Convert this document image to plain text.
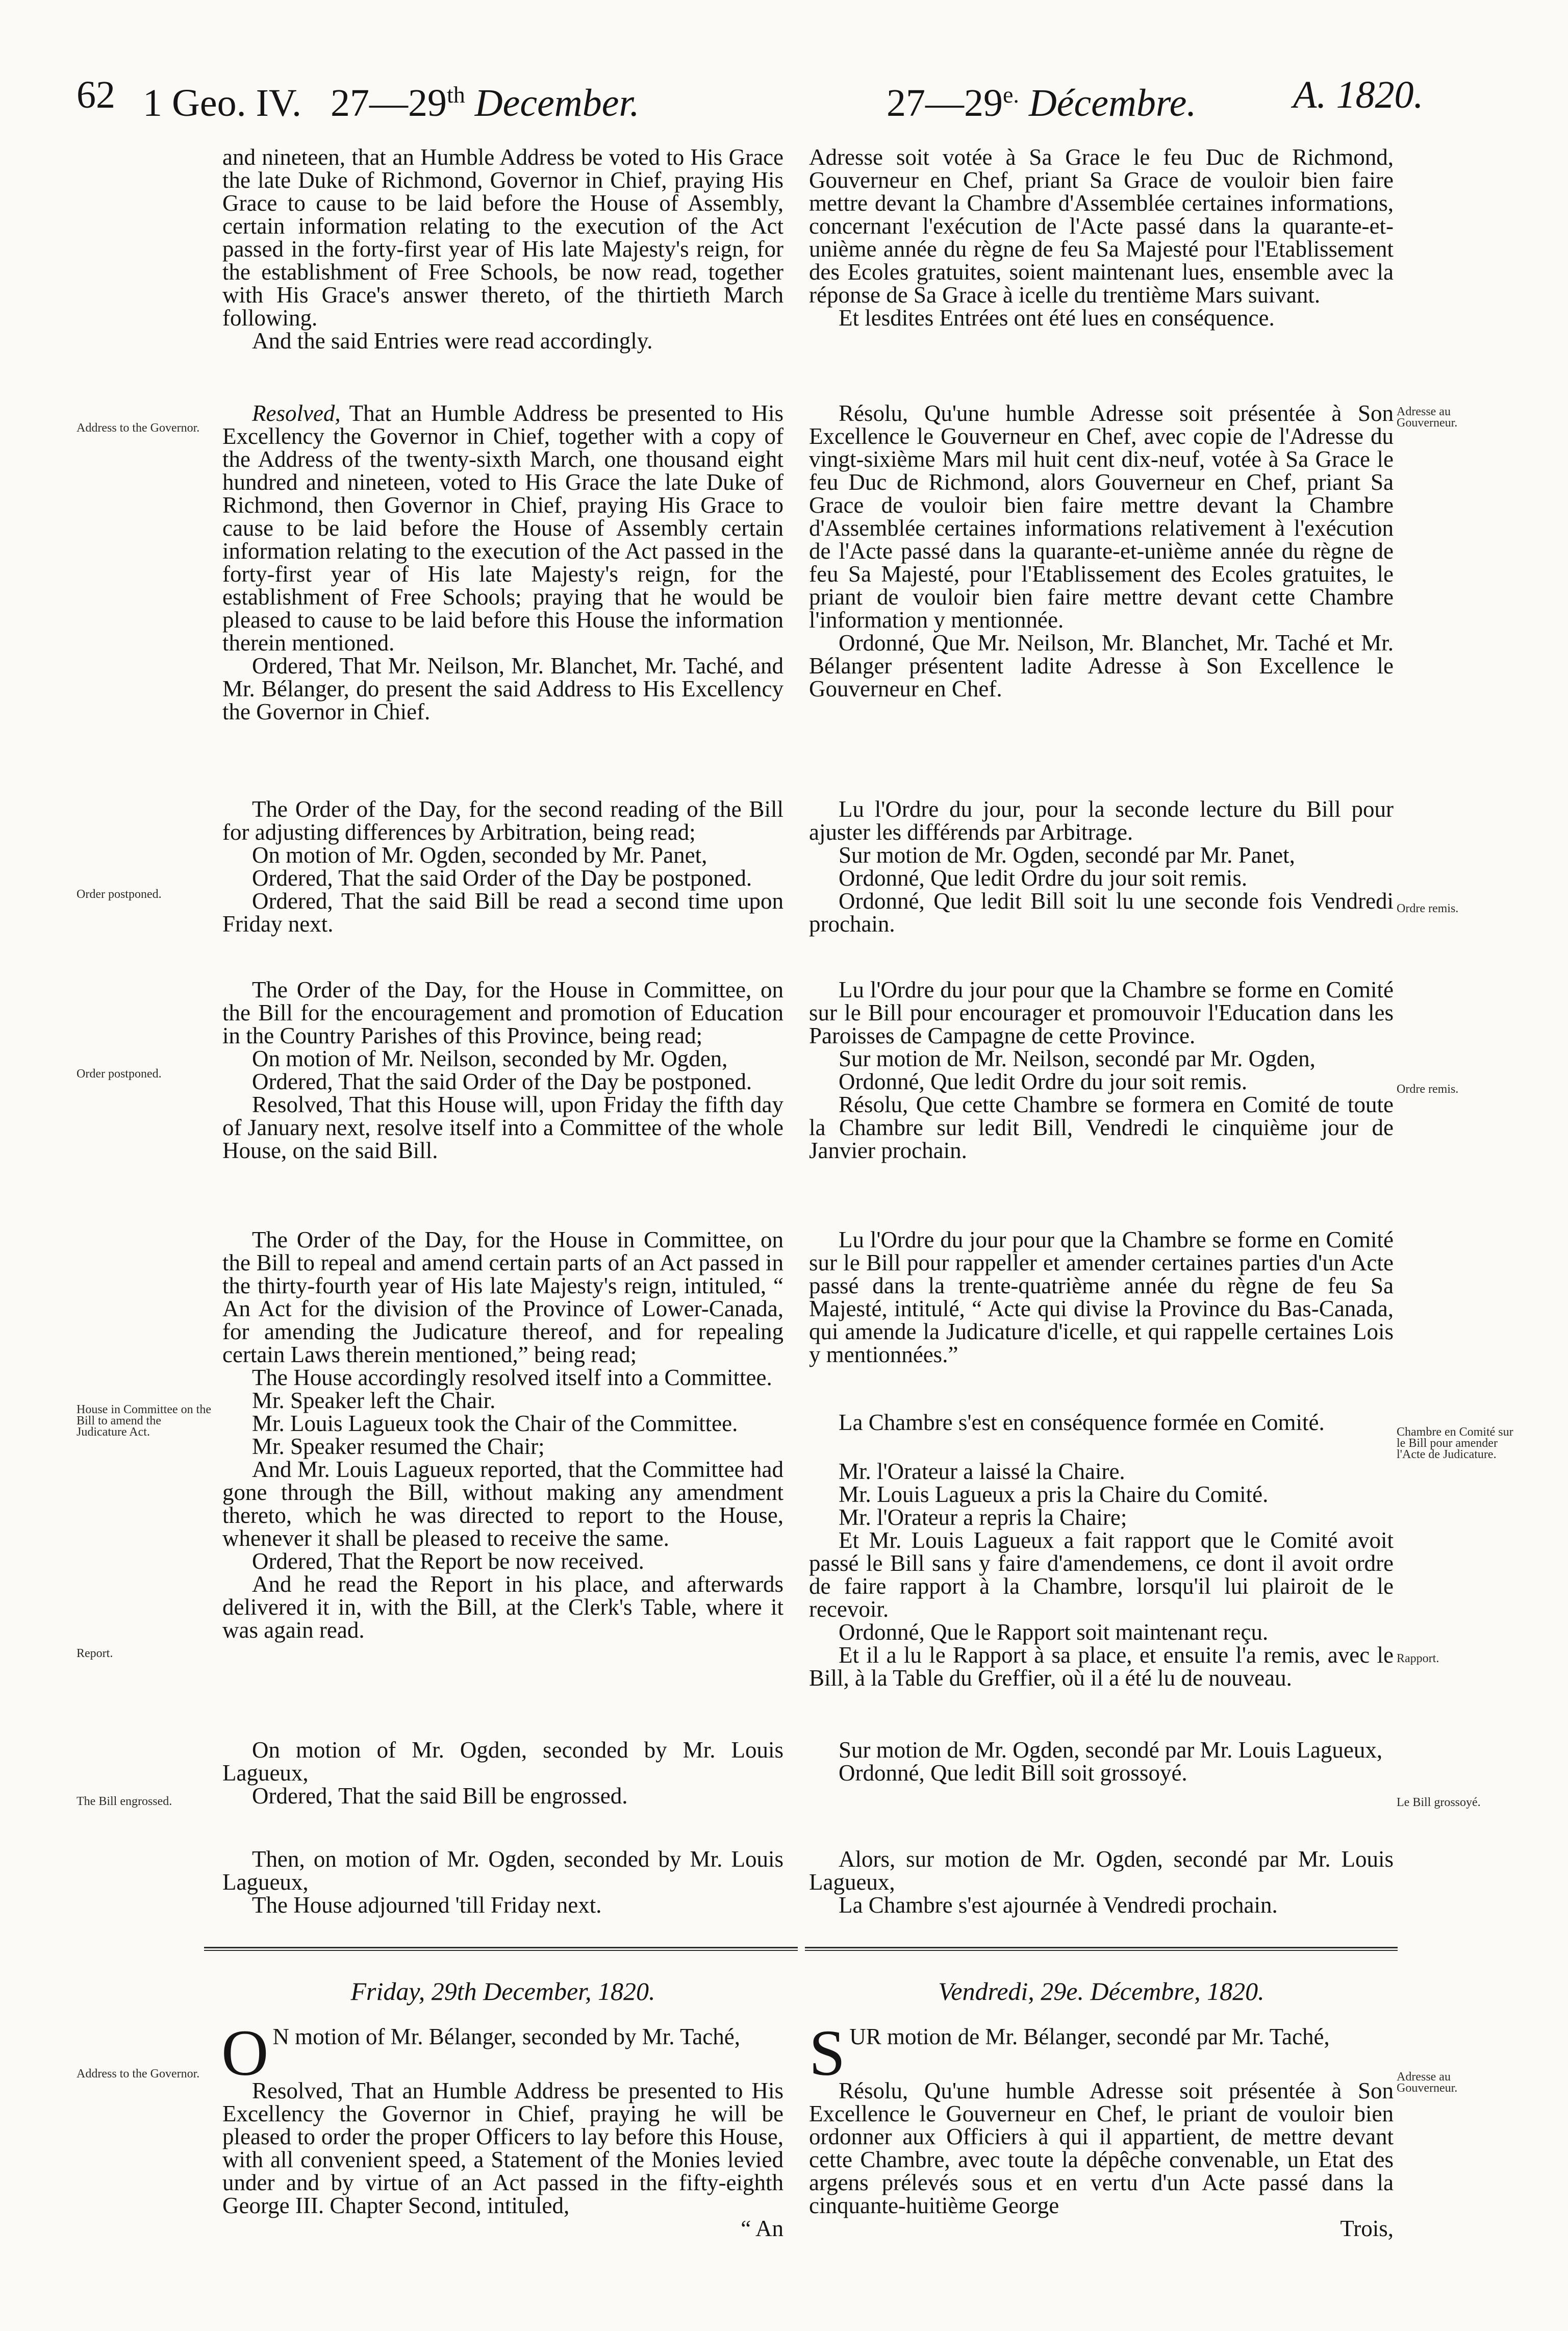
62 1 Geo. IV. 27—29th December.	$27—29^{e.}$ Décembre. A. 1820.

and nineteen, that an Humble Address be voted to His Grace the late Duke of Richmond, Governor in Chief, praying His Grace to cause to be laid before the House of Assembly, certain information relating to the execution of the Act passed in the forty-first year of His late Majesty's reign, for the establishment of Free Schools, be now read, together with His Grace's answer thereto, of the thirtieth March following.

And the said Entries were read accordingly.

Resolved, That an Humble Address be presented to His Excellency the Governor in Chief, together with a copy of the Address of the twenty-sixth March, one thousand eight hundred and nineteen, voted to His Grace the late Duke of Richmond, then Governor in Chief, praying His Grace to cause to be laid before the House of Assembly certain information relating to the execution of the Act passed in the forty-first year of His late Majesty's reign, for the establishment of Free Schools; praying that he would be pleased to cause to be laid before this House the information therein mentioned.

Ordered, That Mr. Neilson, Mr. Blanchet, Mr. Taché, and Mr. Bélanger, do present the said Address to His Excellency the Governor in Chief.

The Order of the Day, for the second reading of the Bill for adjusting differences by Arbitration, being read;

On motion of Mr. Ogden, seconded by Mr. Panet,

Ordered, That the said Order of the Day be postponed.

Ordered, That the said Bill be read a second time upon Friday next.

The Order of the Day, for the House in Committee, on the Bill for the encouragement and promotion of Education in the Country Parishes of this Province, being read;

On motion of Mr. Neilson, seconded by Mr. Ogden,

Ordered, That the said Order of the Day be postponed.

Resolved, That this House will, upon Friday the fifth day of January next, resolve itself into a Committee of the whole House, on the said Bill.

The Order of the Day, for the House in Committee, on the Bill to repeal and amend certain parts of an Act passed in the thirty-fourth year of His late Majesty's reign, intituled, “ An Act for the division of the Province of Lower-Canada, for amending the Judicature thereof, and for repealing certain Laws therein mentioned,” being read;

The House accordingly resolved itself into a Committee.

Mr. Speaker left the Chair.

Mr. Louis Lagueux took the Chair of the Committee.

Mr. Speaker resumed the Chair;

And Mr. Louis Lagueux reported, that the Committee had gone through the Bill, without making any amendment thereto, which he was directed to report to the House, whenever it shall be pleased to receive the same.

Ordered, That the Report be now received.

And he read the Report in his place, and afterwards delivered it in, with the Bill, at the Clerk's Table, where it was again read.

On motion of Mr. Ogden, seconded by Mr. Louis Lagueux,

Ordered, That the said Bill be engrossed.

Then, on motion of Mr. Ogden, seconded by Mr. Louis Lagueux,

The House adjourned 'till Friday next.

O N motion of Mr. Bélanger, seconded by Mr. Taché,

Resolved, That an Humble Address be presented to His Excellency the Governor in Chief, praying he will be pleased to order the proper Officers to lay before this House, with all convenient speed, a Statement of the Monies levied under and by virtue of an Act passed in the fifty-eighth George III. Chapter Second, intituled,

“ An

Adresse soit votée à Sa Grace le feu Duc de Richmond, Gouverneur en Chef, priant Sa Grace de vouloir bien faire mettre devant la Chambre d'Assemblée certaines informations, concernant l'exécution de l'Acte passé dans la quarante-et-unième année du règne de feu Sa Majesté pour l'Etablissement des Ecoles gratuites, soient maintenant lues, ensemble avec la réponse de Sa Grace à icelle du trentième Mars suivant.

Et lesdites Entrées ont été lues en conséquence.

Résolu, Qu'une humble Adresse soit présentée à Son Excellence le Gouverneur en Chef, avec copie de l'Adresse du vingt-sixième Mars mil huit cent dix-neuf, votée à Sa Grace le feu Duc de Richmond, alors Gouverneur en Chef, priant Sa Grace de vouloir bien faire mettre devant la Chambre d'Assemblée certaines informations relativement à l'exécution de l'Acte passé dans la quarante-et-unième année du règne de feu Sa Majesté, pour l'Etablissement des Ecoles gratuites, le priant de vouloir bien faire mettre devant cette Chambre l'information y mentionnée.

Ordonné, Que Mr. Neilson, Mr. Blanchet, Mr. Taché et Mr. Bélanger présentent ladite Adresse à Son Excellence le Gouverneur en Chef.

Lu l'Ordre du jour, pour la seconde lecture du Bill pour ajuster les différends par Arbitrage.

Sur motion de Mr. Ogden, secondé par Mr. Panet,

Ordonné, Que ledit Ordre du jour soit remis.

Ordonné, Que ledit Bill soit lu une seconde fois Vendredi prochain.

Lu l'Ordre du jour pour que la Chambre se forme en Comité sur le Bill pour encourager et promouvoir l'Education dans les Paroisses de Campagne de cette Province.

Sur motion de Mr. Neilson, secondé par Mr. Ogden,

Ordonné, Que ledit Ordre du jour soit remis.

Résolu, Que cette Chambre se formera en Comité de toute la Chambre sur ledit Bill, Vendredi le cinquième jour de Janvier prochain.

Lu l'Ordre du jour pour que la Chambre se forme en Comité sur le Bill pour rappeller et amender certaines parties d'un Acte passé dans la trente-quatrième année du règne de feu Sa Majesté, intitulé, “ Acte qui divise la Province du Bas-Canada, qui amende la Judicature d'icelle, et qui rappelle certaines Lois y mentionnées.”

La Chambre s'est en conséquence formée en Comité.

Mr. l'Orateur a laissé la Chaire.

Mr. Louis Lagueux a pris la Chaire du Comité.

Mr. l'Orateur a repris la Chaire;

Et Mr. Louis Lagueux a fait rapport que le Comité avoit passé le Bill sans y faire d'amendemens, ce dont il avoit ordre de faire rapport à la Chambre, lorsqu'il lui plairoit de le recevoir.

Ordonné, Que le Rapport soit maintenant reçu.

Et il a lu le Rapport à sa place, et ensuite l'a remis, avec le Bill, à la Table du Greffier, où il a été lu de nouveau.

Sur motion de Mr. Ogden, secondé par Mr. Louis Lagueux,

Ordonné, Que ledit Bill soit grossoyé.

Alors, sur motion de Mr. Ogden, secondé par Mr. Louis Lagueux,

La Chambre s'est ajournée à Vendredi prochain.

SUR motion de Mr. Bélanger, secondé par Mr. Taché,

Résolu, Qu'une humble Adresse soit présentée à Son Excellence le Gouverneur en Chef, le priant de vouloir bien ordonner aux Officiers à qui il appartient, de mettre devant cette Chambre, avec toute la dépêche convenable, un Etat des argens prélevés sous et en vertu d'un Acte passé dans la cinquante-huitième George

Trois,

Friday, 29th December, 1820.	Vendredi, 29e. Décembre, 1820.
Address to the Governor.
Order postponed.
Order postponed.
House in Committee on the Bill to amend the Judicature Act.
Report.
The Bill engrossed.
Address to the Governor.
Adresse au Gouverneur.
Ordre remis.
Ordre remis.
Chambre en Comité sur le Bill pour amender l'Acte de Judicature.
Rapport.
Le Bill grossoyé.
Adresse au Gouverneur.
